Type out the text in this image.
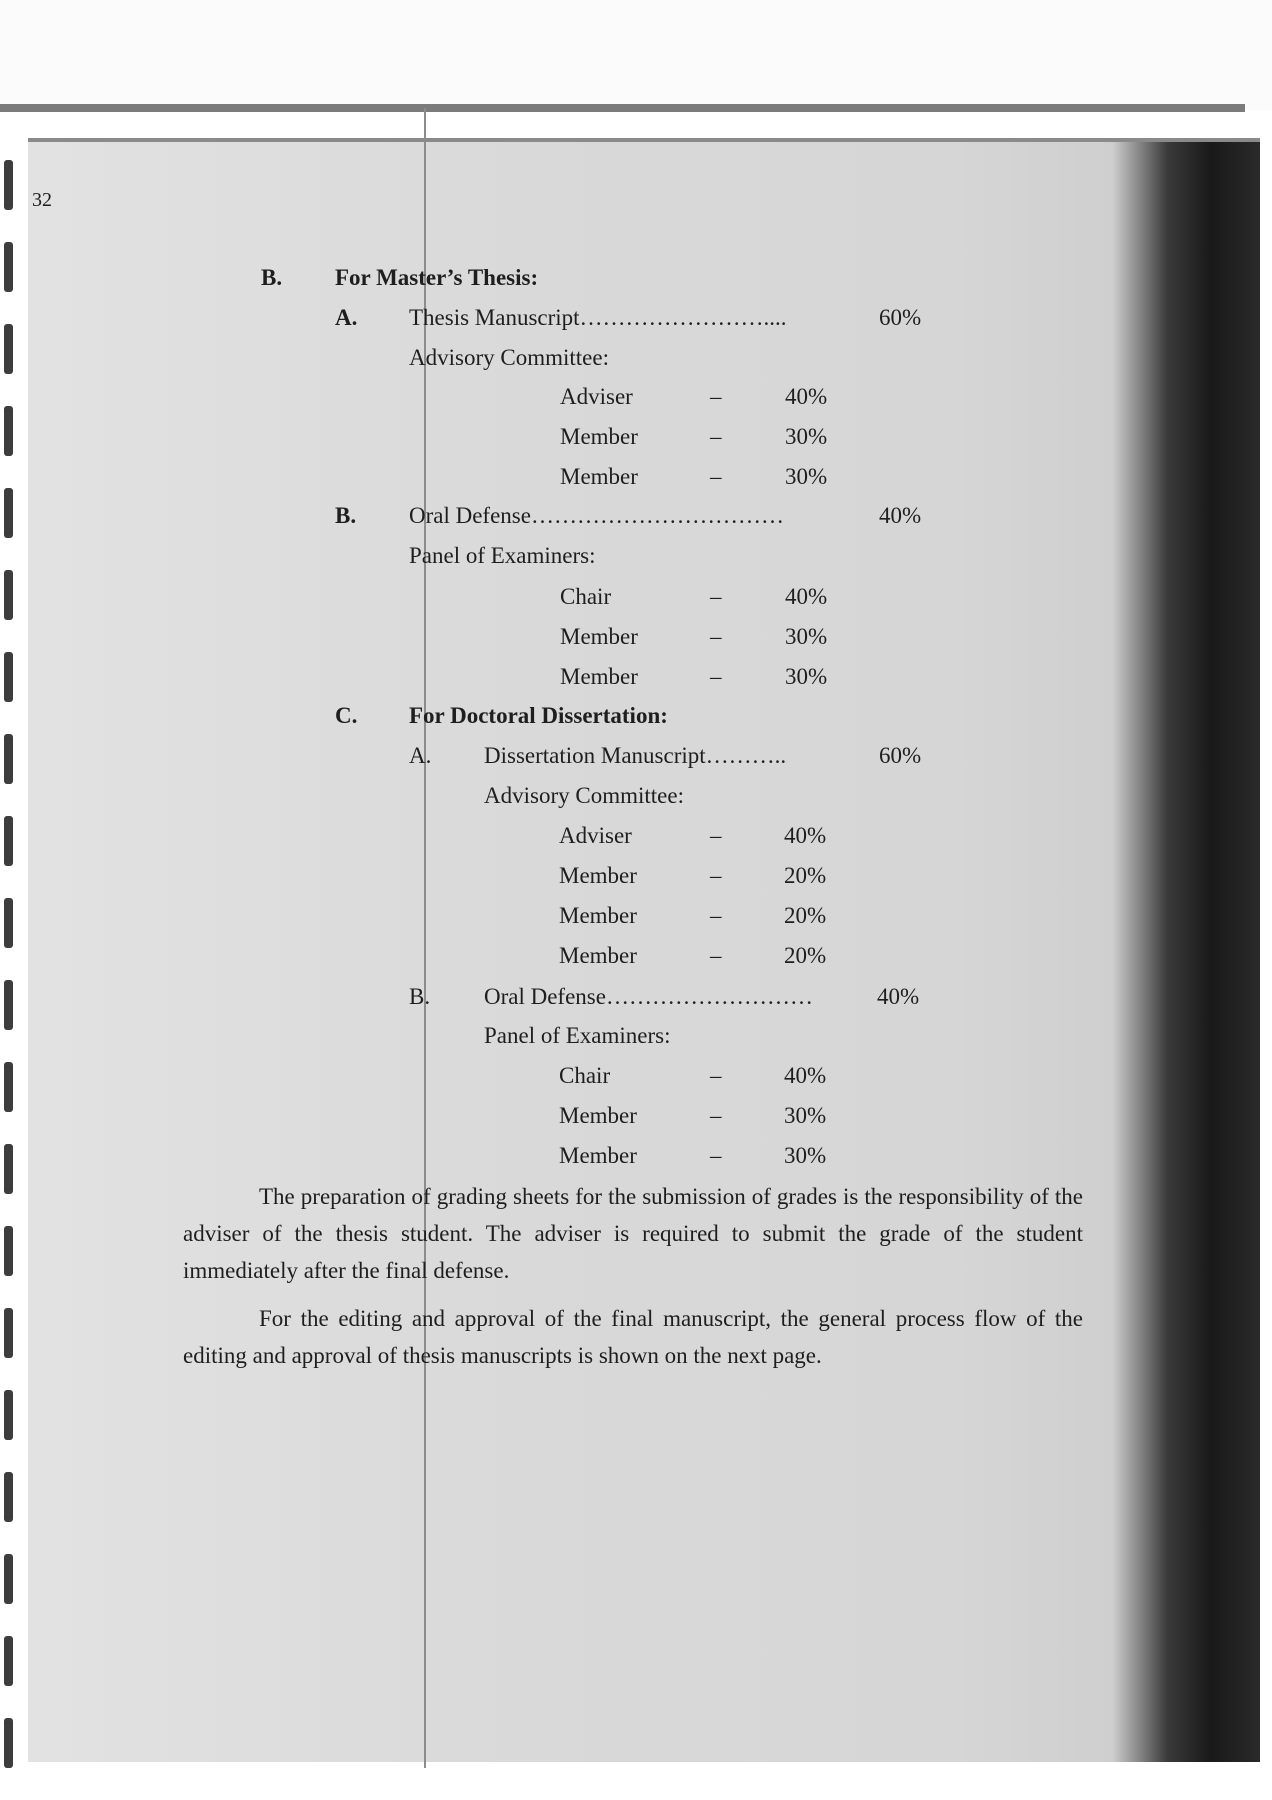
32
B. For Master’s Thesis:
A. Thesis Manuscript……………………....	60%
Advisory Committee:
Adviser	–	40%
Member	–	30%
Member	–	30%
B. Oral Defense……………………………	40%
Panel of Examiners:
Chair	–	40%
Member	–	30%
Member	–	30%
C. For Doctoral Dissertation:
A. Dissertation Manuscript………..	60%
Advisory Committee:
Adviser	–	40%
Member	–	20%
Member	–	20%
Member	–	20%
B. Oral Defense………………………	40%
Panel of Examiners:
Chair	–	40%
Member	–	30%
Member	–	30%
The preparation of grading sheets for the submission of grades is the responsibility of the adviser of the thesis student. The adviser is required to submit the grade of the student immediately after the final defense.
For the editing and approval of the final manuscript, the general process flow of the editing and approval of thesis manuscripts is shown on the next page.
